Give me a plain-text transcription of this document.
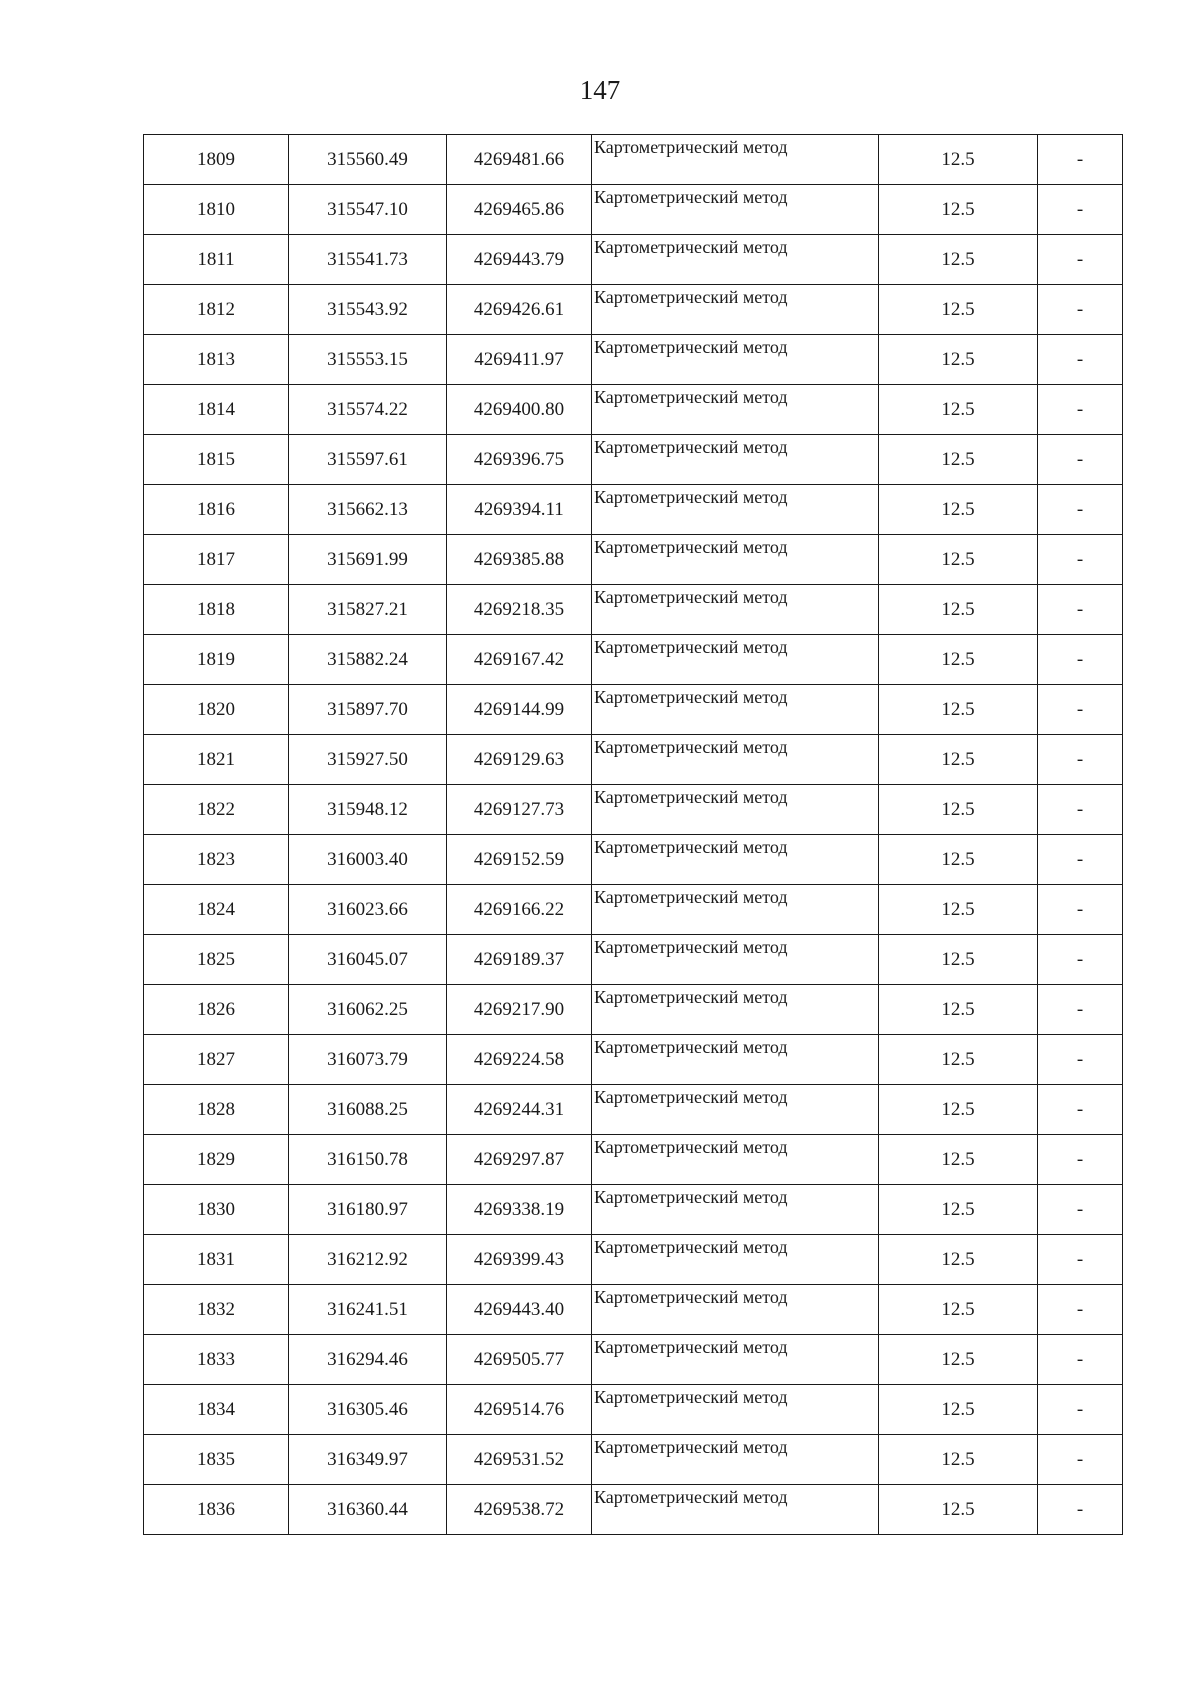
147
1809	315560.49	4269481.66	Картометрический метод	12.5	-
1810	315547.10	4269465.86	Картометрический метод	12.5	-
1811	315541.73	4269443.79	Картометрический метод	12.5	-
1812	315543.92	4269426.61	Картометрический метод	12.5	-
1813	315553.15	4269411.97	Картометрический метод	12.5	-
1814	315574.22	4269400.80	Картометрический метод	12.5	-
1815	315597.61	4269396.75	Картометрический метод	12.5	-
1816	315662.13	4269394.11	Картометрический метод	12.5	-
1817	315691.99	4269385.88	Картометрический метод	12.5	-
1818	315827.21	4269218.35	Картометрический метод	12.5	-
1819	315882.24	4269167.42	Картометрический метод	12.5	-
1820	315897.70	4269144.99	Картометрический метод	12.5	-
1821	315927.50	4269129.63	Картометрический метод	12.5	-
1822	315948.12	4269127.73	Картометрический метод	12.5	-
1823	316003.40	4269152.59	Картометрический метод	12.5	-
1824	316023.66	4269166.22	Картометрический метод	12.5	-
1825	316045.07	4269189.37	Картометрический метод	12.5	-
1826	316062.25	4269217.90	Картометрический метод	12.5	-
1827	316073.79	4269224.58	Картометрический метод	12.5	-
1828	316088.25	4269244.31	Картометрический метод	12.5	-
1829	316150.78	4269297.87	Картометрический метод	12.5	-
1830	316180.97	4269338.19	Картометрический метод	12.5	-
1831	316212.92	4269399.43	Картометрический метод	12.5	-
1832	316241.51	4269443.40	Картометрический метод	12.5	-
1833	316294.46	4269505.77	Картометрический метод	12.5	-
1834	316305.46	4269514.76	Картометрический метод	12.5	-
1835	316349.97	4269531.52	Картометрический метод	12.5	-
1836	316360.44	4269538.72	Картометрический метод	12.5	-
